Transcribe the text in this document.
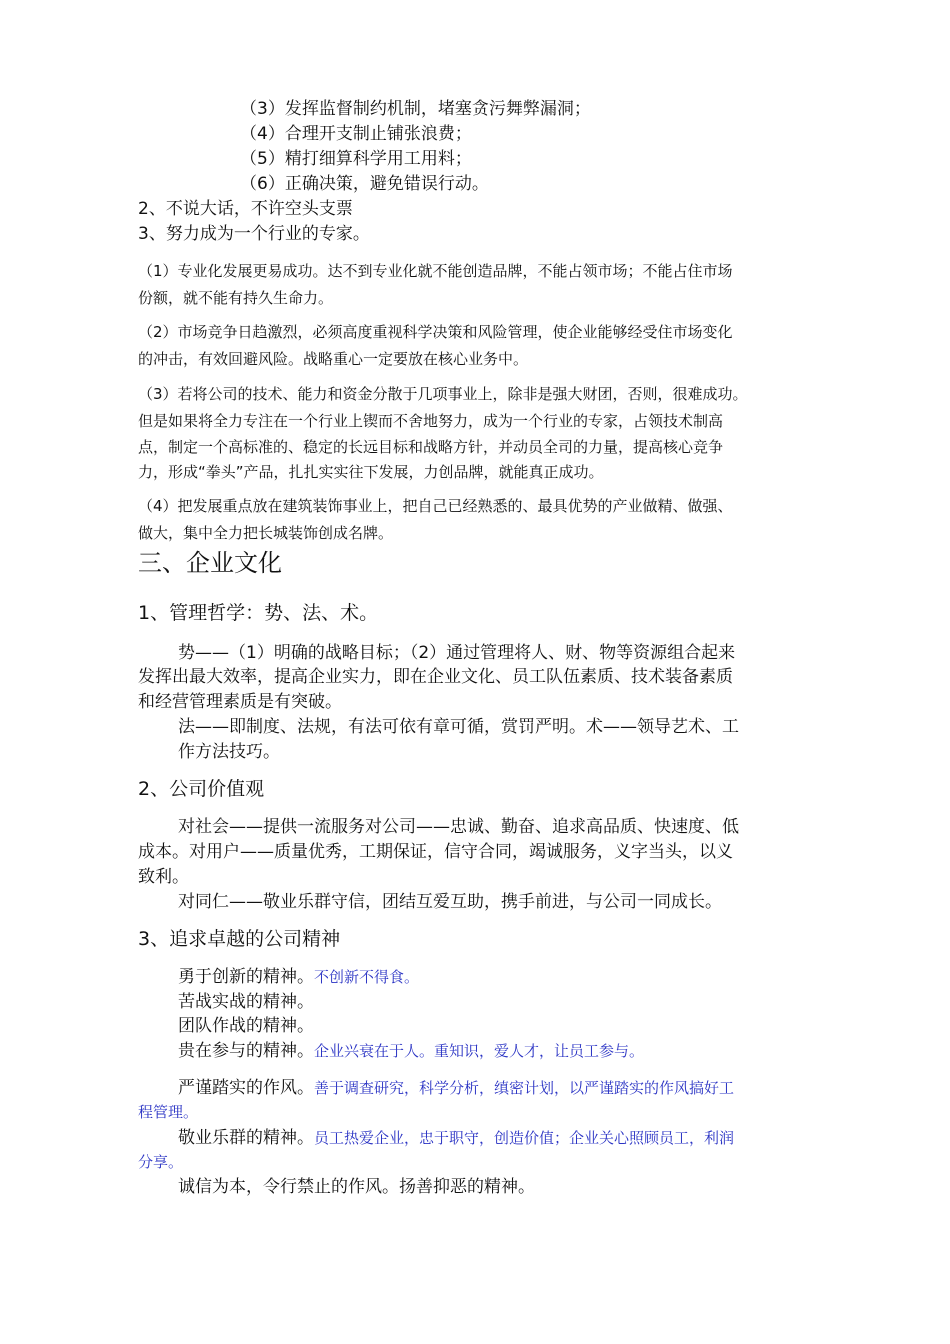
（3）发挥监督制约机制，堵塞贪污舞弊漏洞；

（4）合理开支制止铺张浪费；

（5）精打细算科学用工用料；

（6）正确决策，避免错误行动。

2、不说大话，不许空头支票

3、努力成为一个行业的专家。

（1）专业化发展更易成功。达不到专业化就不能创造品牌，不能占领市场；不能占住市场

份额，就不能有持久生命力。

（2）市场竞争日趋激烈，必须高度重视科学决策和风险管理，使企业能够经受住市场变化

的冲击，有效回避风险。战略重心一定要放在核心业务中。

（3）若将公司的技术、能力和资金分散于几项事业上，除非是强大财团，否则，很难成功。

但是如果将全力专注在一个行业上锲而不舍地努力，成为一个行业的专家，占领技术制高

点，制定一个高标准的、稳定的长远目标和战略方针，并动员全司的力量，提高核心竞争

力，形成“拳头”产品，扎扎实实往下发展，力创品牌，就能真正成功。

（4）把发展重点放在建筑装饰事业上，把自己已经熟悉的、最具优势的产业做精、做强、

做大，集中全力把长城装饰创成名牌。

三、企业文化

1、管理哲学：势、法、术。

势——（1）明确的战略目标；（2）通过管理将人、财、物等资源组合起来

发挥出最大效率，提高企业实力，即在企业文化、员工队伍素质、技术装备素质

和经营管理素质是有突破。

法——即制度、法规，有法可依有章可循，赏罚严明。术——领导艺术、工

作方法技巧。

2、公司价值观

对社会——提供一流服务对公司——忠诚、勤奋、追求高品质、快速度、低

成本。对用户——质量优秀，工期保证，信守合同，竭诚服务，义字当头，以义

致利。

对同仁——敬业乐群守信，团结互爱互助，携手前进，与公司一同成长。

3、追求卓越的公司精神

勇于创新的精神。不创新不得食。

苦战实战的精神。

团队作战的精神。

贵在参与的精神。企业兴衰在于人。重知识，爱人才，让员工参与。

严谨踏实的作风。善于调查研究，科学分析，缜密计划，以严谨踏实的作风搞好工

程管理。

敬业乐群的精神。员工热爱企业，忠于职守，创造价值；企业关心照顾员工，利润

分享。

诚信为本，令行禁止的作风。扬善抑恶的精神。
